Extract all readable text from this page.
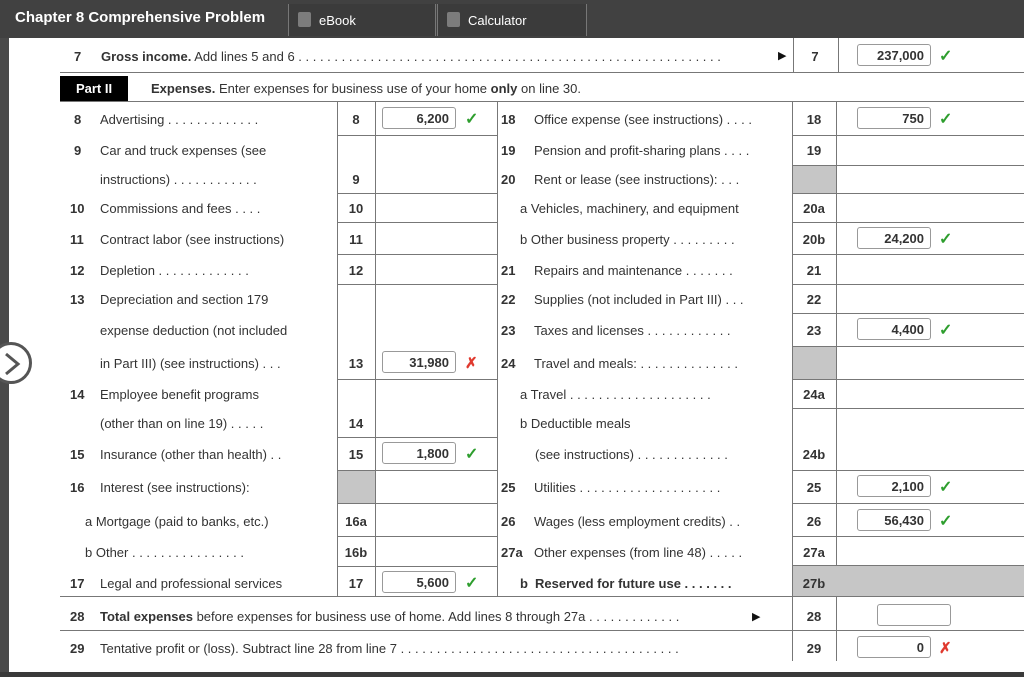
Chapter 8 Comprehensive Problem	eBook	Calculator
7 Gross income. Add lines 5 and 6 . . . . . . . . . . . . . . . . . . . . . . . . . . . . . . . . . . . . . . . . . . . . . . . . . . . . . . . . . . .	▶	7	237,000 ✓
Part II	Expenses. Enter expenses for business use of your home only on line 30.
8 Advertising . . . . . . . . . . . . .	8	6,200	✓
9 Car and truck expenses (see
instructions) . . . . . . . . . . . .	9
10 Commissions and fees . . . .	10
11 Contract labor (see instructions)	11
12 Depletion . . . . . . . . . . . . .	12
13 Depreciation and section 179
expense deduction (not included
in Part III) (see instructions) . . .	13	31,980	✗
14 Employee benefit programs
(other than on line 19) . . . . .	14
15 Insurance (other than health) . .	15	1,800	✓
16 Interest (see instructions):
a Mortgage (paid to banks, etc.)	16a
b Other . . . . . . . . . . . . . . . .	16b
17 Legal and professional services	17	5,600	✓
18 Office expense (see instructions) . . . .	18	750 ✓
19 Pension and profit-sharing plans . . . .	19
20 Rent or lease (see instructions): . . .
a Vehicles, machinery, and equipment	20a
b Other business property . . . . . . . . .	20b	24,200 ✓
21 Repairs and maintenance . . . . . . .	21
22 Supplies (not included in Part III) . . .	22
23 Taxes and licenses . . . . . . . . . . . .	23	4,400 ✓
24 Travel and meals: . . . . . . . . . . . . . .
a Travel . . . . . . . . . . . . . . . . . . . .	24a
b Deductible meals
(see instructions) . . . . . . . . . . . . .	24b
25 Utilities . . . . . . . . . . . . . . . . . . . .	25	2,100 ✓
26 Wages (less employment credits) . .	26	56,430 ✓
27a Other expenses (from line 48) . . . . .	27a
b Reserved for future use . . . . . . .	27b
28 Total expenses before expenses for business use of home. Add lines 8 through 27a . . . . . . . . . . . . .	▶	28
29 Tentative profit or (loss). Subtract line 28 from line 7 . . . . . . . . . . . . . . . . . . . . . . . . . . . . . . . . . . . . . . .	29	0	✗
